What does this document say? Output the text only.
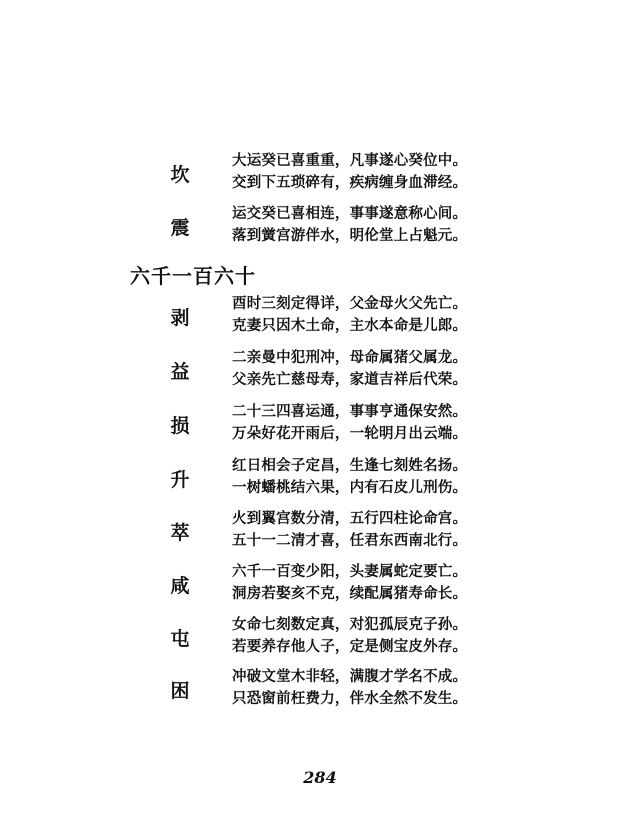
坎
大运癸已喜重重，凡事遂心癸位中。
交到下五琐碎有，疾病缠身血滞经。
震
运交癸已喜相连，事事遂意称心间。
落到黉宫游伴水，明伦堂上占魁元。
六千一百六十
剥
酉时三刻定得详，父金母火父先亡。
克妻只因木土命，主水本命是儿郎。
益
二亲曼中犯刑冲，母命属猪父属龙。
父亲先亡慈母寿，家道吉祥后代荣。
损
二十三四喜运通，事事亨通保安然。
万朵好花开雨后，一轮明月出云端。
升
红日相会子定昌，生逢七刻姓名扬。
一树蟠桃结六果，内有石皮儿刑伤。
萃
火到翼宫数分清，五行四柱论命宫。
五十一二清才喜，任君东西南北行。
咸
六千一百变少阳，头妻属蛇定要亡。
洞房若娶亥不克，续配属猪寿命长。
屯
女命七刻数定真，对犯孤辰克子孙。
若要养存他人子，定是侧宝皮外存。
困
冲破文堂木非轻，满腹才学名不成。
只恐窗前枉费力，伴水全然不发生。
284
